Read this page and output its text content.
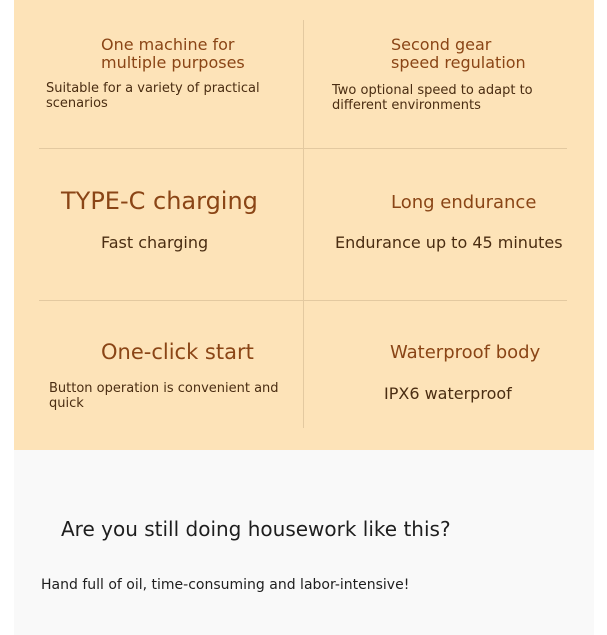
One machine for
multiple purposes
Suitable for a variety of practical
scenarios
Second gear
speed regulation
Two optional speed to adapt to
different environments
TYPE-C charging
Fast charging
Long endurance
Endurance up to 45 minutes
One-click start
Button operation is convenient and
quick
Waterproof body
IPX6 waterproof
Are you still doing housework like this?
Hand full of oil, time-consuming and labor-intensive!
